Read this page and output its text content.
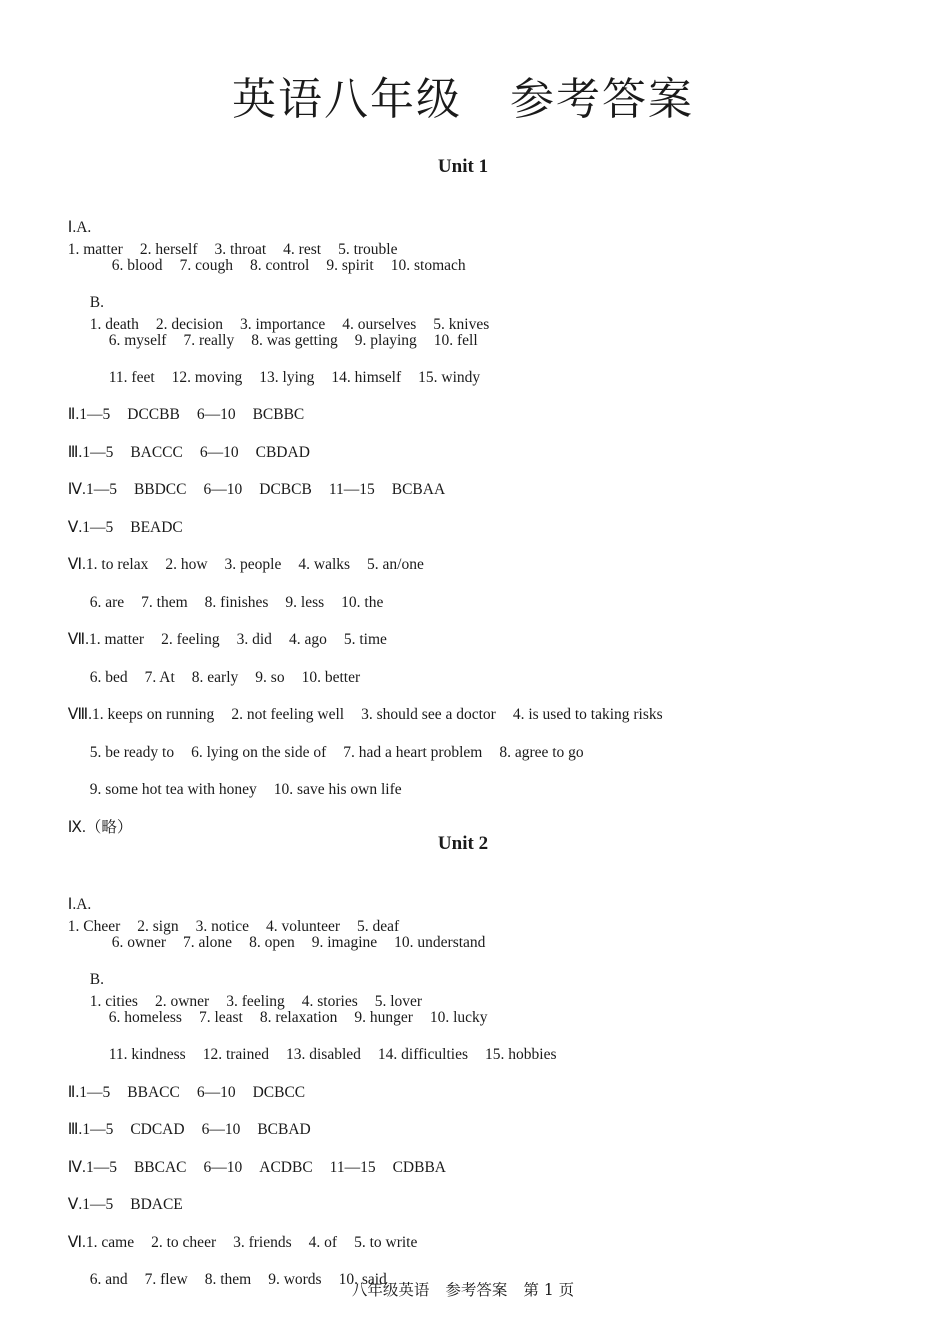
英语八年级 参考答案
Unit 1

Ⅰ.A.
1. matter 2. herself 3. throat 4. rest 5. trouble

6. blood 7. cough 8. control 9. spirit 10. stomach

B.
1. death 2. decision 3. importance 4. ourselves 5. knives

6. myself 7. really 8. was getting 9. playing 10. fell

11. feet 12. moving 13. lying 14. himself 15. windy

Ⅱ.1—5 DCCBB 6—10 BCBBC

Ⅲ.1—5 BACCC 6—10 CBDAD

Ⅳ.1—5 BBDCC 6—10 DCBCB 11—15 BCBAA

Ⅴ.1—5 BEADC

Ⅵ.1. to relax 2. how 3. people 4. walks 5. an/one

6. are 7. them 8. finishes 9. less 10. the

Ⅶ.1. matter 2. feeling 3. did 4. ago 5. time

6. bed 7. At 8. early 9. so 10. better

Ⅷ.1. keeps on running 2. not feeling well 3. should see a doctor 4. is used to taking risks

5. be ready to 6. lying on the side of 7. had a heart problem 8. agree to go

9. some hot tea with honey 10. save his own life

Ⅸ.（略）

Unit 2

Ⅰ.A.
1. Cheer 2. sign 3. notice 4. volunteer 5. deaf

6. owner 7. alone 8. open 9. imagine 10. understand

B.
1. cities 2. owner 3. feeling 4. stories 5. lover

6. homeless 7. least 8. relaxation 9. hunger 10. lucky

11. kindness 12. trained 13. disabled 14. difficulties 15. hobbies

Ⅱ.1—5 BBACC 6—10 DCBCC

Ⅲ.1—5 CDCAD 6—10 BCBAD

Ⅳ.1—5 BBCAC 6—10 ACDBC 11—15 CDBBA

Ⅴ.1—5 BDACE

Ⅵ.1. came 2. to cheer 3. friends 4. of 5. to write

6. and 7. flew 8. them 9. words 10. said

八年级英语 参考答案 第 1 页
